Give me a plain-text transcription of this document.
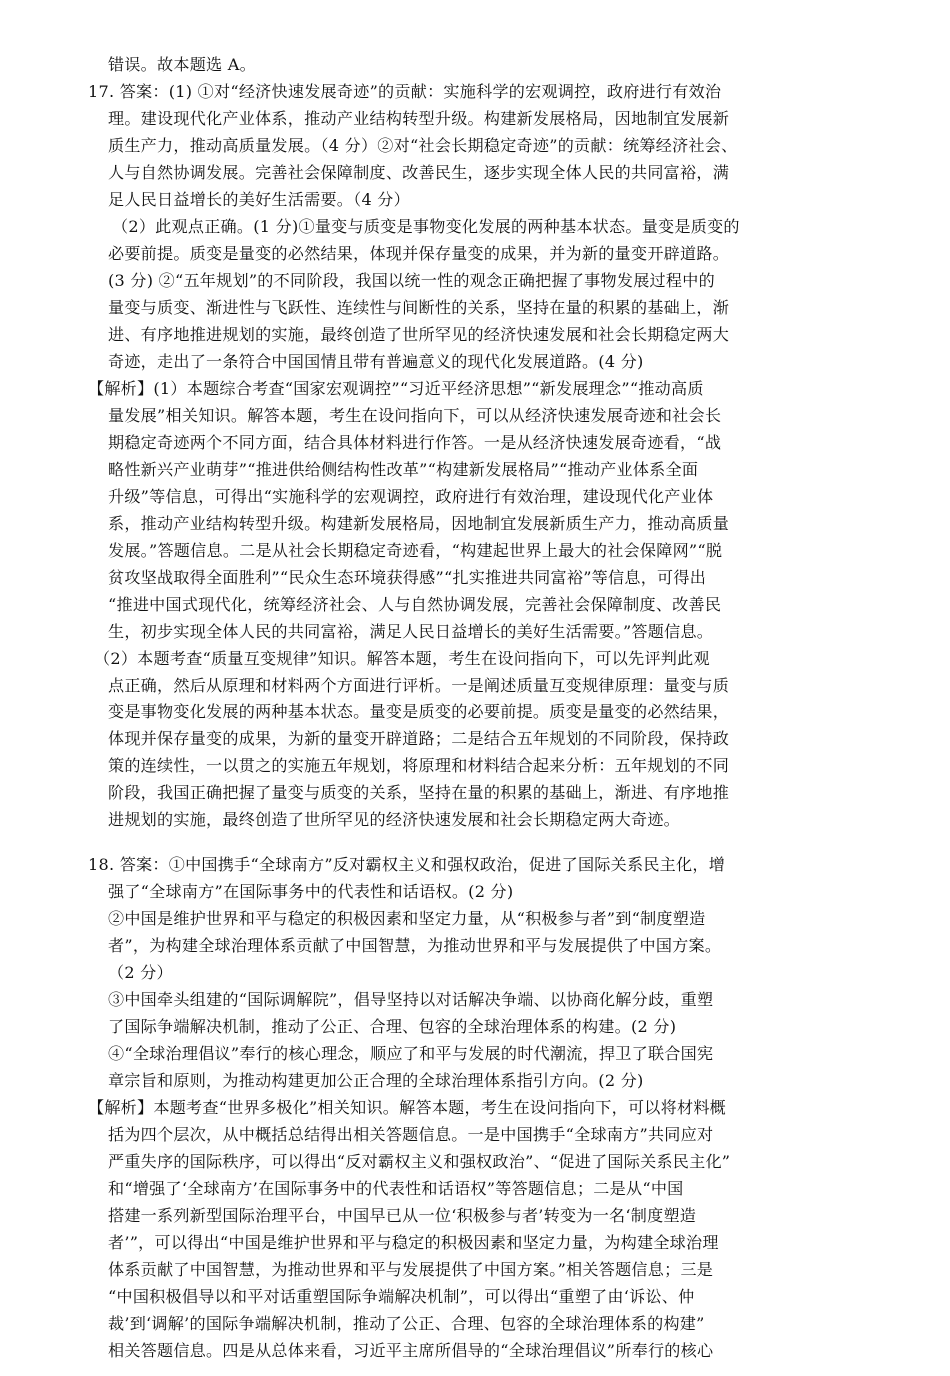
错误。故本题选 A。

17. 答案：(1) ①对“经济快速发展奇迹”的贡献：实施科学的宏观调控，政府进行有效治

理。建设现代化产业体系，推动产业结构转型升级。构建新发展格局，因地制宜发展新

质生产力，推动高质量发展。（4 分）②对“社会长期稳定奇迹”的贡献：统筹经济社会、

人与自然协调发展。完善社会保障制度、改善民生，逐步实现全体人民的共同富裕，满

足人民日益增长的美好生活需要。（4 分）

（2）此观点正确。(1 分)①量变与质变是事物变化发展的两种基本状态。量变是质变的

必要前提。质变是量变的必然结果，体现并保存量变的成果，并为新的量变开辟道路。

(3 分) ②“五年规划”的不同阶段，我国以统一性的观念正确把握了事物发展过程中的

量变与质变、渐进性与飞跃性、连续性与间断性的关系，坚持在量的积累的基础上，渐

进、有序地推进规划的实施，最终创造了世所罕见的经济快速发展和社会长期稳定两大

奇迹，走出了一条符合中国国情且带有普遍意义的现代化发展道路。(4 分)

【解析】(1）本题综合考查“国家宏观调控”“习近平经济思想”“新发展理念”“推动高质

量发展”相关知识。解答本题，考生在设问指向下，可以从经济快速发展奇迹和社会长

期稳定奇迹两个不同方面，结合具体材料进行作答。一是从经济快速发展奇迹看，“战

略性新兴产业萌芽”“推进供给侧结构性改革”“构建新发展格局”“推动产业体系全面

升级”等信息，可得出“实施科学的宏观调控，政府进行有效治理，建设现代化产业体

系，推动产业结构转型升级。构建新发展格局，因地制宜发展新质生产力，推动高质量

发展。”答题信息。二是从社会长期稳定奇迹看，“构建起世界上最大的社会保障网”“脱

贫攻坚战取得全面胜利”“民众生态环境获得感”“扎实推进共同富裕”等信息，可得出

“推进中国式现代化，统筹经济社会、人与自然协调发展，完善社会保障制度、改善民

生，初步实现全体人民的共同富裕，满足人民日益增长的美好生活需要。”答题信息。

（2）本题考查“质量互变规律”知识。解答本题，考生在设问指向下，可以先评判此观

点正确，然后从原理和材料两个方面进行评析。一是阐述质量互变规律原理：量变与质

变是事物变化发展的两种基本状态。量变是质变的必要前提。质变是量变的必然结果，

体现并保存量变的成果，为新的量变开辟道路；二是结合五年规划的不同阶段，保持政

策的连续性，一以贯之的实施五年规划，将原理和材料结合起来分析：五年规划的不同

阶段，我国正确把握了量变与质变的关系，坚持在量的积累的基础上，渐进、有序地推

进规划的实施，最终创造了世所罕见的经济快速发展和社会长期稳定两大奇迹。

18. 答案：①中国携手“全球南方”反对霸权主义和强权政治，促进了国际关系民主化，增

强了“全球南方”在国际事务中的代表性和话语权。(2 分)

②中国是维护世界和平与稳定的积极因素和坚定力量，从“积极参与者”到“制度塑造

者”，为构建全球治理体系贡献了中国智慧，为推动世界和平与发展提供了中国方案。

（2 分）

③中国牵头组建的“国际调解院”，倡导坚持以对话解决争端、以协商化解分歧，重塑

了国际争端解决机制，推动了公正、合理、包容的全球治理体系的构建。(2 分)

④“全球治理倡议”奉行的核心理念，顺应了和平与发展的时代潮流，捍卫了联合国宪

章宗旨和原则，为推动构建更加公正合理的全球治理体系指引方向。(2 分)

【解析】本题考查“世界多极化”相关知识。解答本题，考生在设问指向下，可以将材料概

括为四个层次，从中概括总结得出相关答题信息。一是中国携手“全球南方”共同应对

严重失序的国际秩序，可以得出“反对霸权主义和强权政治”、“促进了国际关系民主化”

和“增强了‘全球南方’在国际事务中的代表性和话语权”等答题信息；二是从“中国

搭建一系列新型国际治理平台，中国早已从一位‘积极参与者’转变为一名‘制度塑造

者’”，可以得出“中国是维护世界和平与稳定的积极因素和坚定力量，为构建全球治理

体系贡献了中国智慧，为推动世界和平与发展提供了中国方案。”相关答题信息；三是

“中国积极倡导以和平对话重塑国际争端解决机制”，可以得出“重塑了由‘诉讼、仲

裁’到‘调解’的国际争端解决机制，推动了公正、合理、包容的全球治理体系的构建”

相关答题信息。四是从总体来看，习近平主席所倡导的“全球治理倡议”所奉行的核心
